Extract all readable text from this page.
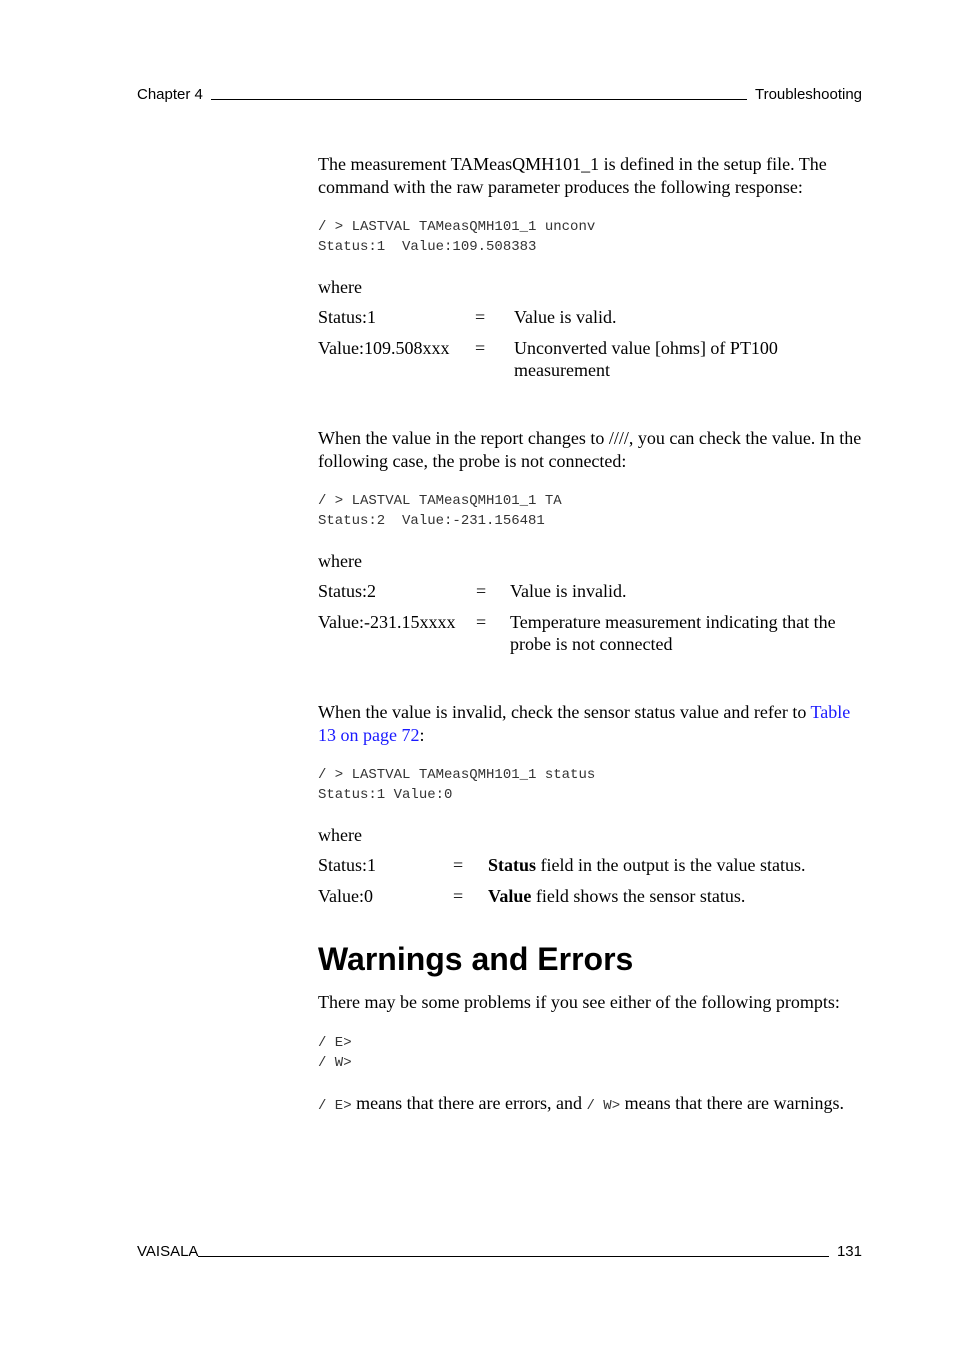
Chapter 4	Troubleshooting

The measurement TAMeasQMH101_1 is defined in the setup file. The command with the raw parameter produces the following response:

/ > LASTVAL TAMeasQMH101_1 unconv
Status:1  Value:109.508383

where

Status:1	=	Value is valid.

Value:109.508xxx	=	Unconverted value [ohms] of PT100 measurement

When the value in the report changes to ////, you can check the value. In the following case, the probe is not connected:

/ > LASTVAL TAMeasQMH101_1 TA
Status:2  Value:-231.156481

where

Status:2	=	Value is invalid.

Value:-231.15xxxx	=	Temperature measurement indicating that the probe is not connected

When the value is invalid, check the sensor status value and refer to Table 13 on page 72:

/ > LASTVAL TAMeasQMH101_1 status
Status:1 Value:0

where

Status:1	=	Status field in the output is the value status.

Value:0	=	Value field shows the sensor status.
Warnings and Errors

There may be some problems if you see either of the following prompts:

/ E>
/ W>

/ E> means that there are errors, and / W> means that there are warnings.

VAISALA	131
